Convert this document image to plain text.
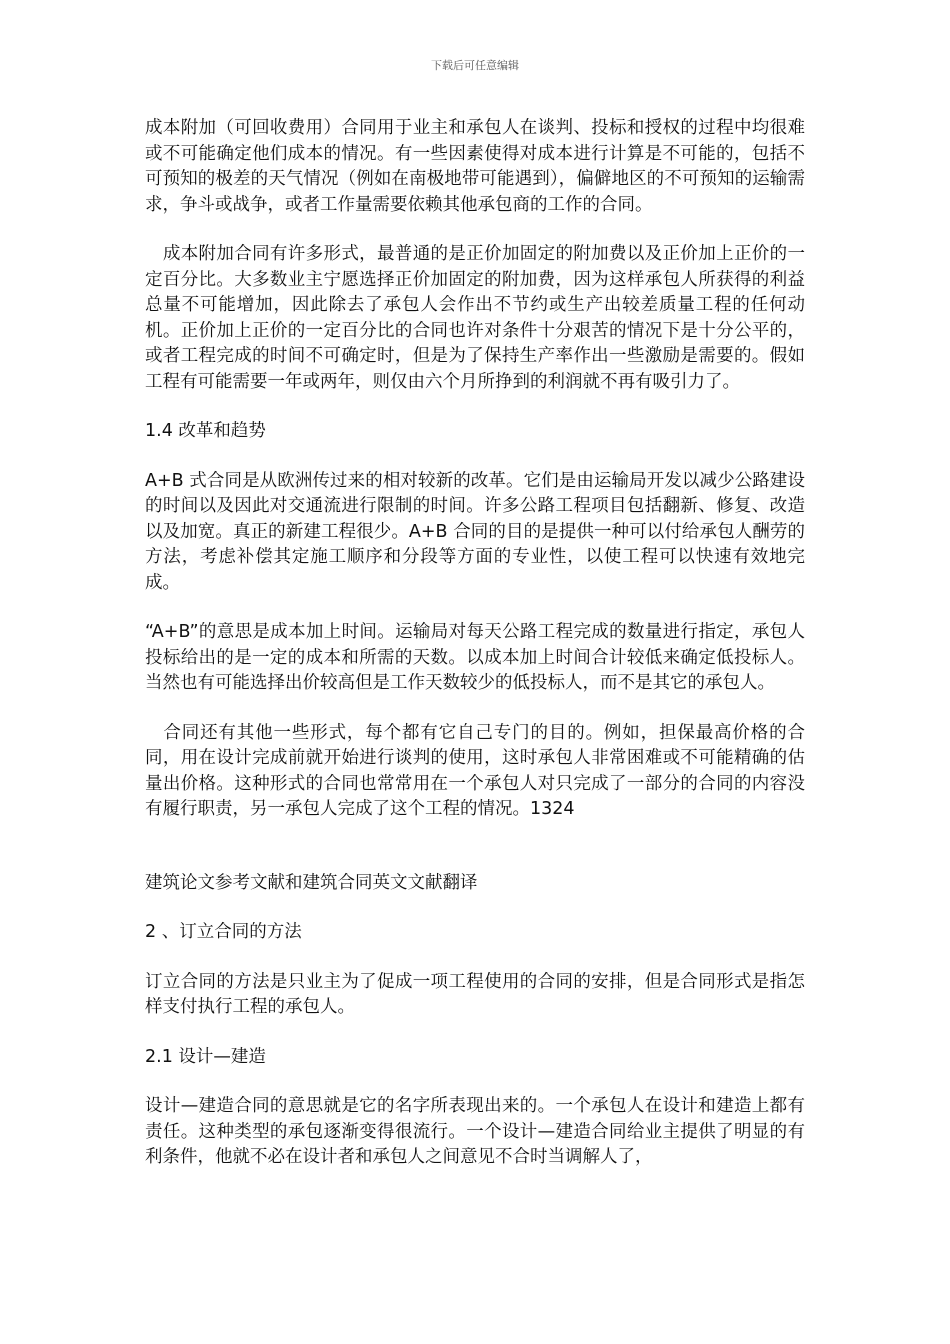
下载后可任意编辑

成本附加（可回收费用）合同用于业主和承包人在谈判、投标和授权的过程中均很难或不可能确定他们成本的情况。有一些因素使得对成本进行计算是不可能的，包括不可预知的极差的天气情况（例如在南极地带可能遇到），偏僻地区的不可预知的运输需求，争斗或战争，或者工作量需要依赖其他承包商的工作的合同。

　成本附加合同有许多形式，最普通的是正价加固定的附加费以及正价加上正价的一定百分比。大多数业主宁愿选择正价加固定的附加费，因为这样承包人所获得的利益总量不可能增加，因此除去了承包人会作出不节约或生产出较差质量工程的任何动机。正价加上正价的一定百分比的合同也许对条件十分艰苦的情况下是十分公平的，或者工程完成的时间不可确定时，但是为了保持生产率作出一些激励是需要的。假如工程有可能需要一年或两年，则仅由六个月所挣到的利润就不再有吸引力了。

1.4 改革和趋势

A+B 式合同是从欧洲传过来的相对较新的改革。它们是由运输局开发以减少公路建设的时间以及因此对交通流进行限制的时间。许多公路工程项目包括翻新、修复、改造以及加宽。真正的新建工程很少。A+B 合同的目的是提供一种可以付给承包人酬劳的方法，考虑补偿其定施工顺序和分段等方面的专业性，以使工程可以快速有效地完成。

“A+B”的意思是成本加上时间。运输局对每天公路工程完成的数量进行指定，承包人投标给出的是一定的成本和所需的天数。以成本加上时间合计较低来确定低投标人。当然也有可能选择出价较高但是工作天数较少的低投标人，而不是其它的承包人。

　合同还有其他一些形式，每个都有它自己专门的目的。例如，担保最高价格的合同，用在设计完成前就开始进行谈判的使用，这时承包人非常困难或不可能精确的估量出价格。这种形式的合同也常常用在一个承包人对只完成了一部分的合同的内容没有履行职责，另一承包人完成了这个工程的情况。1324

建筑论文参考文献和建筑合同英文文献翻译

2 、订立合同的方法

订立合同的方法是只业主为了促成一项工程使用的合同的安排，但是合同形式是指怎样支付执行工程的承包人。

2.1 设计—建造

设计—建造合同的意思就是它的名字所表现出来的。一个承包人在设计和建造上都有责任。这种类型的承包逐渐变得很流行。一个设计—建造合同给业主提供了明显的有利条件，他就不必在设计者和承包人之间意见不合时当调解人了，
